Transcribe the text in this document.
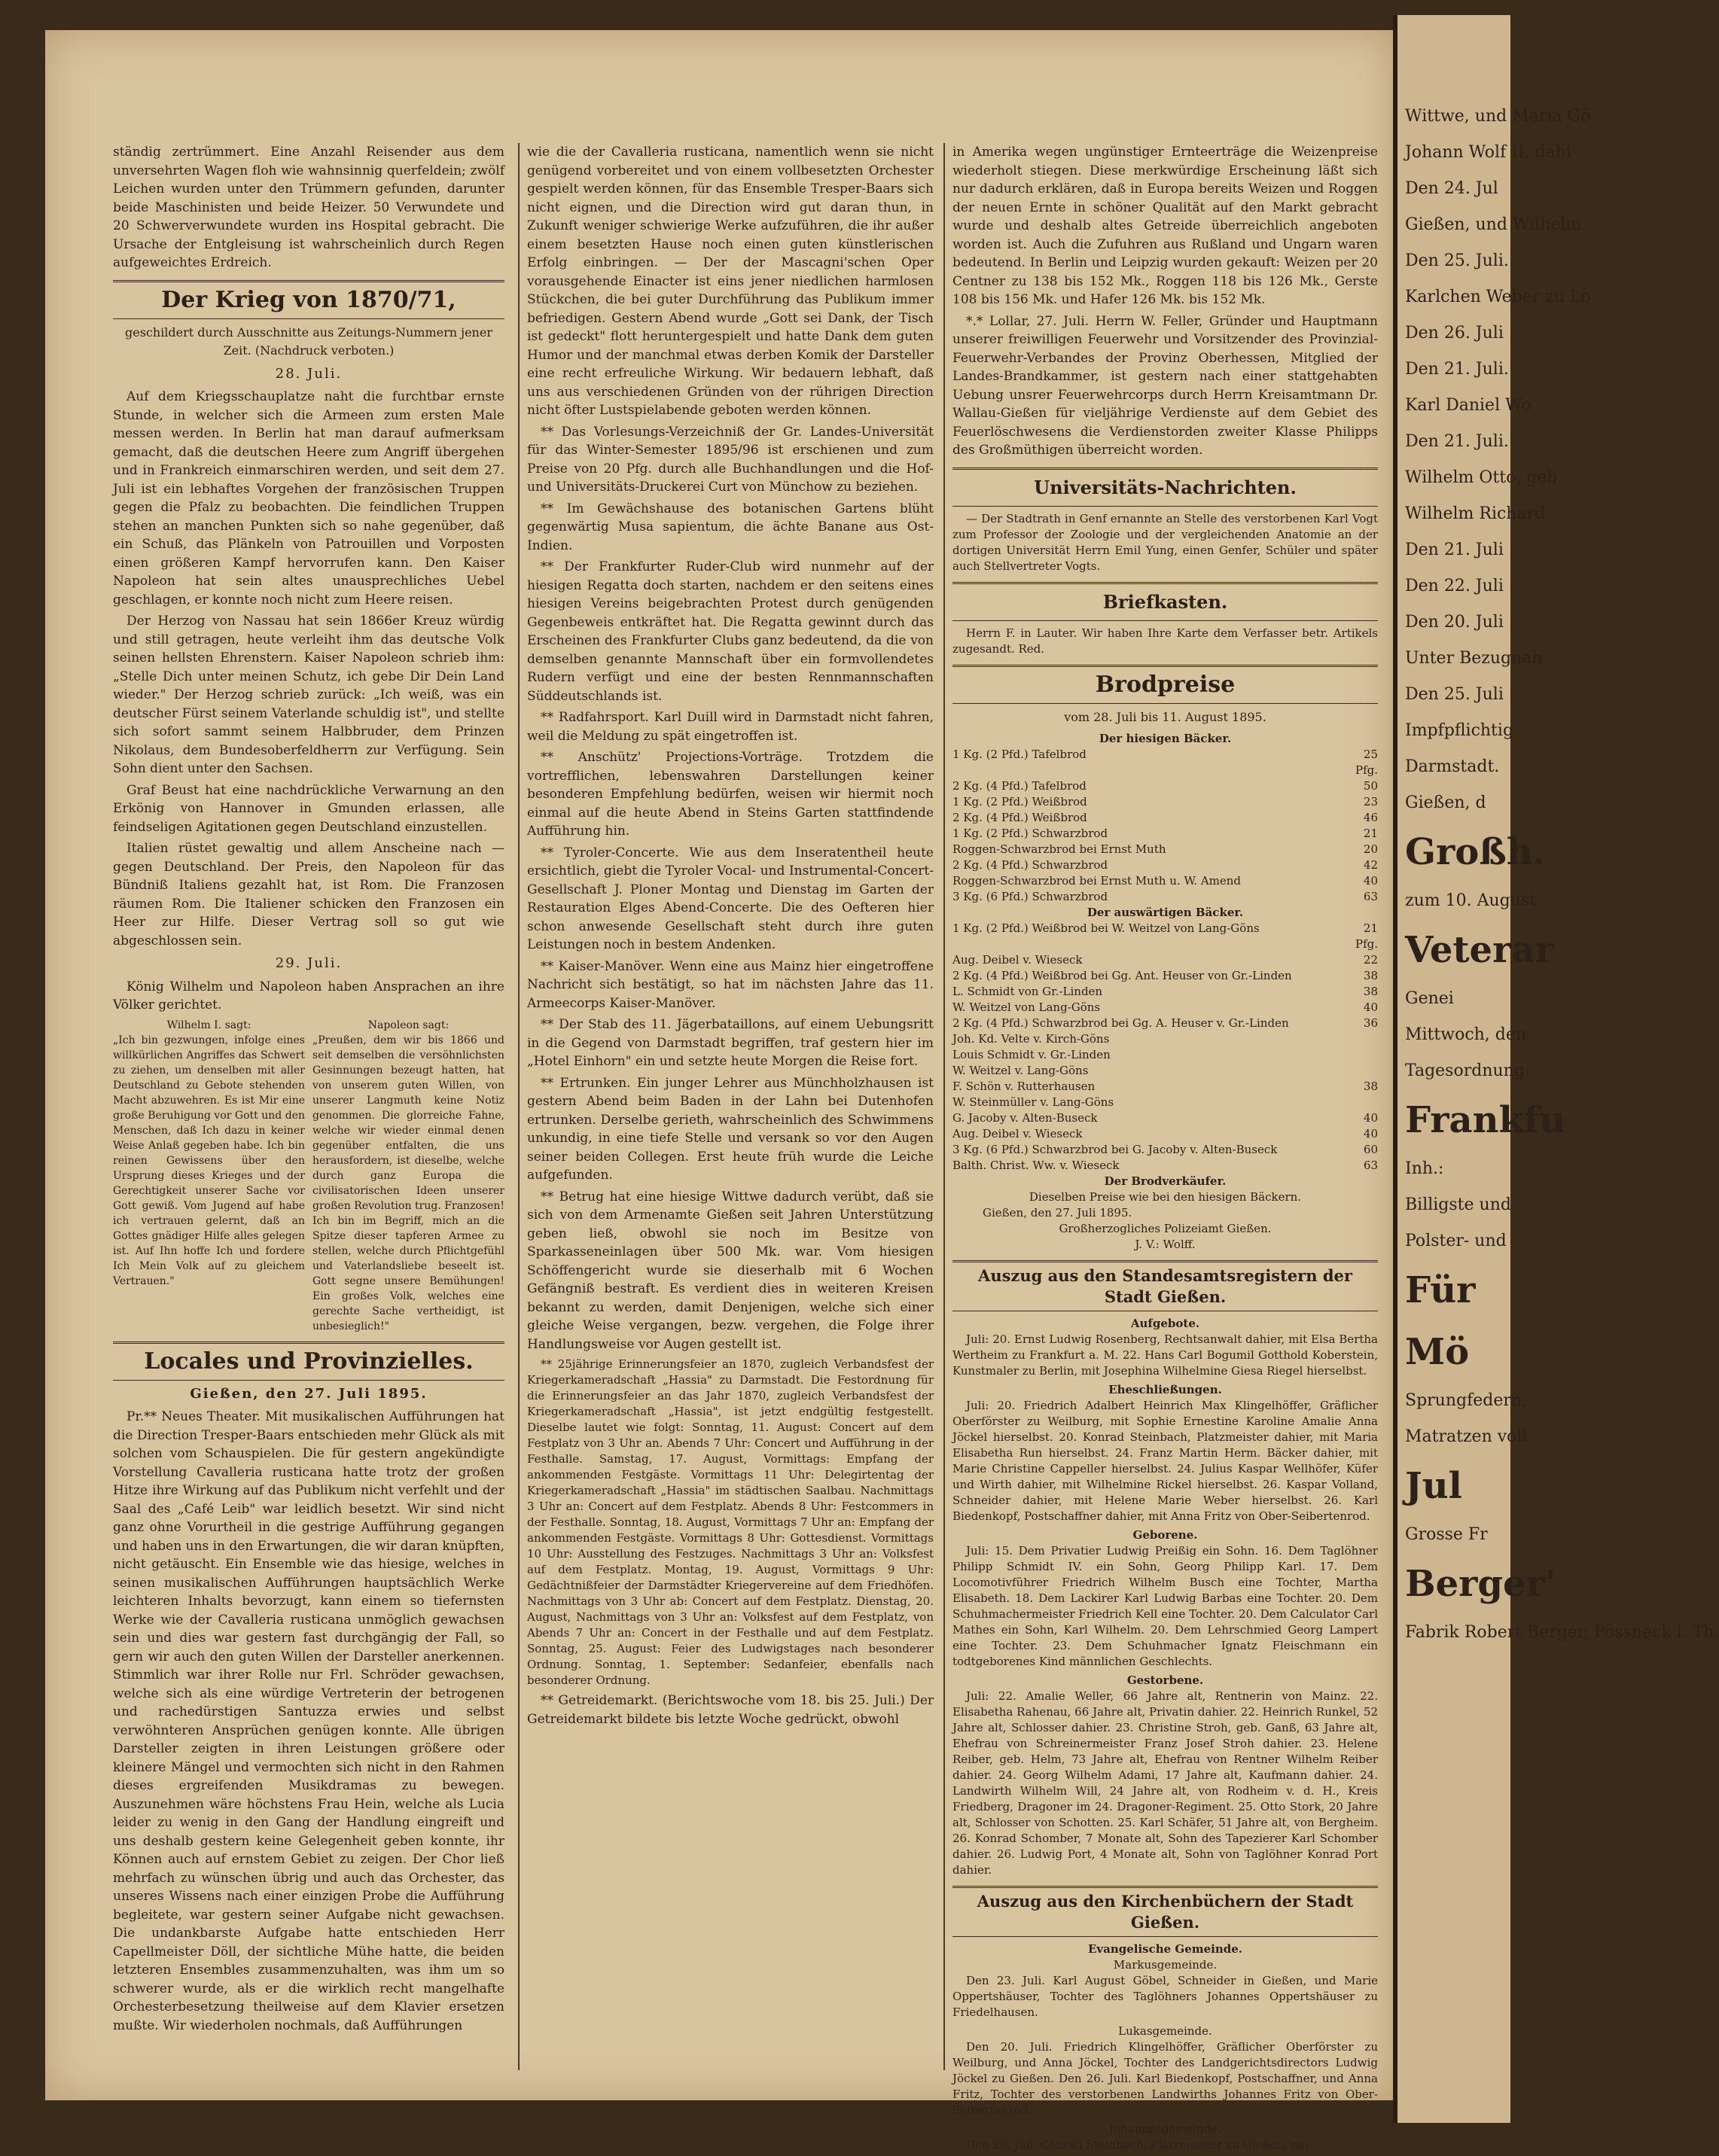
ständig zertrümmert. Eine Anzahl Reisender aus dem unversehrten Wagen floh wie wahnsinnig querfeldein; zwölf Leichen wurden unter den Trümmern gefunden, darunter beide Maschinisten und beide Heizer. 50 Verwundete und 20 Schwerverwundete wurden ins Hospital gebracht. Die Ursache der Entgleisung ist wahrscheinlich durch Regen aufgeweichtes Erdreich.

Der Krieg von 1870/71,
geschildert durch Ausschnitte aus Zeitungs-Nummern jener Zeit. (Nachdruck verboten.)
28. Juli.

Auf dem Kriegsschauplatze naht die furchtbar ernste Stunde, in welcher sich die Armeen zum ersten Male messen werden. In Berlin hat man darauf aufmerksam gemacht, daß die deutschen Heere zum Angriff übergehen und in Frankreich einmarschiren werden, und seit dem 27. Juli ist ein lebhaftes Vorgehen der französischen Truppen gegen die Pfalz zu beobachten. Die feindlichen Truppen stehen an manchen Punkten sich so nahe gegenüber, daß ein Schuß, das Plänkeln von Patrouillen und Vorposten einen größeren Kampf hervorrufen kann. Den Kaiser Napoleon hat sein altes unausprechliches Uebel geschlagen, er konnte noch nicht zum Heere reisen.

Der Herzog von Nassau hat sein 1866er Kreuz würdig und still getragen, heute verleiht ihm das deutsche Volk seinen hellsten Ehrenstern. Kaiser Napoleon schrieb ihm: „Stelle Dich unter meinen Schutz, ich gebe Dir Dein Land wieder." Der Herzog schrieb zurück: „Ich weiß, was ein deutscher Fürst seinem Vaterlande schuldig ist", und stellte sich sofort sammt seinem Halbbruder, dem Prinzen Nikolaus, dem Bundesoberfeldherrn zur Verfügung. Sein Sohn dient unter den Sachsen.

Graf Beust hat eine nachdrückliche Verwarnung an den Erkönig von Hannover in Gmunden erlassen, alle feindseligen Agitationen gegen Deutschland einzustellen.

Italien rüstet gewaltig und allem Anscheine nach — gegen Deutschland. Der Preis, den Napoleon für das Bündniß Italiens gezahlt hat, ist Rom. Die Franzosen räumen Rom. Die Italiener schicken den Franzosen ein Heer zur Hilfe. Dieser Vertrag soll so gut wie abgeschlossen sein.

29. Juli.

König Wilhelm und Napoleon haben Ansprachen an ihre Völker gerichtet.

Wilhelm I. sagt:
„Ich bin gezwungen, infolge eines willkürlichen Angriffes das Schwert zu ziehen, um denselben mit aller Deutschland zu Gebote stehenden Macht abzuwehren. Es ist Mir eine große Beruhigung vor Gott und den Menschen, daß Ich dazu in keiner Weise Anlaß gegeben habe. Ich bin reinen Gewissens über den Ursprung dieses Krieges und der Gerechtigkeit unserer Sache vor Gott gewiß. Vom Jugend auf habe ich vertrauen gelernt, daß an Gottes gnädiger Hilfe alles gelegen ist. Auf Ihn hoffe Ich und fordere Ich Mein Volk auf zu gleichem Vertrauen."
Napoleon sagt:
„Preußen, dem wir bis 1866 und seit demselben die versöhnlichsten Gesinnungen bezeugt hatten, hat von unserem guten Willen, von unserer Langmuth keine Notiz genommen. Die glorreiche Fahne, welche wir wieder einmal denen gegenüber entfalten, die uns herausfordern, ist dieselbe, welche durch ganz Europa die civilisatorischen Ideen unserer großen Revolution trug. Franzosen! Ich bin im Begriff, mich an die Spitze dieser tapferen Armee zu stellen, welche durch Pflichtgefühl und Vaterlandsliebe beseelt ist. Gott segne unsere Bemühungen! Ein großes Volk, welches eine gerechte Sache vertheidigt, ist unbesieglich!"
Locales und Provinzielles.
Gießen, den 27. Juli 1895.

Pr.** Neues Theater. Mit musikalischen Aufführungen hat die Direction Tresper-Baars entschieden mehr Glück als mit solchen vom Schauspielen. Die für gestern angekündigte Vorstellung Cavalleria rusticana hatte trotz der großen Hitze ihre Wirkung auf das Publikum nicht verfehlt und der Saal des „Café Leib" war leidlich besetzt. Wir sind nicht ganz ohne Vorurtheil in die gestrige Aufführung gegangen und haben uns in den Erwartungen, die wir daran knüpften, nicht getäuscht. Ein Ensemble wie das hiesige, welches in seinen musikalischen Aufführungen hauptsächlich Werke leichteren Inhalts bevorzugt, kann einem so tiefernsten Werke wie der Cavalleria rusticana unmöglich gewachsen sein und dies war gestern fast durchgängig der Fall, so gern wir auch den guten Willen der Darsteller anerkennen. Stimmlich war ihrer Rolle nur Frl. Schröder gewachsen, welche sich als eine würdige Vertreterin der betrogenen und rachedürstigen Santuzza erwies und selbst verwöhnteren Ansprüchen genügen konnte. Alle übrigen Darsteller zeigten in ihren Leistungen größere oder kleinere Mängel und vermochten sich nicht in den Rahmen dieses ergreifenden Musikdramas zu bewegen. Auszunehmen wäre höchstens Frau Hein, welche als Lucia leider zu wenig in den Gang der Handlung eingreift und uns deshalb gestern keine Gelegenheit geben konnte, ihr Können auch auf ernstem Gebiet zu zeigen. Der Chor ließ mehrfach zu wünschen übrig und auch das Orchester, das unseres Wissens nach einer einzigen Probe die Aufführung begleitete, war gestern seiner Aufgabe nicht gewachsen. Die undankbarste Aufgabe hatte entschieden Herr Capellmeister Döll, der sichtliche Mühe hatte, die beiden letzteren Ensembles zusammenzuhalten, was ihm um so schwerer wurde, als er die wirklich recht mangelhafte Orchesterbesetzung theilweise auf dem Klavier ersetzen mußte. Wir wiederholen nochmals, daß Aufführungen

wie die der Cavalleria rusticana, namentlich wenn sie nicht genügend vorbereitet und von einem vollbesetzten Orchester gespielt werden können, für das Ensemble Tresper-Baars sich nicht eignen, und die Direction wird gut daran thun, in Zukunft weniger schwierige Werke aufzuführen, die ihr außer einem besetzten Hause noch einen guten künstlerischen Erfolg einbringen. — Der der Mascagni'schen Oper vorausgehende Einacter ist eins jener niedlichen harmlosen Stückchen, die bei guter Durchführung das Publikum immer befriedigen. Gestern Abend wurde „Gott sei Dank, der Tisch ist gedeckt" flott heruntergespielt und hatte Dank dem guten Humor und der manchmal etwas derben Komik der Darsteller eine recht erfreuliche Wirkung. Wir bedauern lebhaft, daß uns aus verschiedenen Gründen von der rührigen Direction nicht öfter Lustspielabende geboten werden können.

** Das Vorlesungs-Verzeichniß der Gr. Landes-Universität für das Winter-Semester 1895/96 ist erschienen und zum Preise von 20 Pfg. durch alle Buchhandlungen und die Hof- und Universitäts-Druckerei Curt von Münchow zu beziehen.

** Im Gewächshause des botanischen Gartens blüht gegenwärtig Musa sapientum, die ächte Banane aus Ost-Indien.

** Der Frankfurter Ruder-Club wird nunmehr auf der hiesigen Regatta doch starten, nachdem er den seitens eines hiesigen Vereins beigebrachten Protest durch genügenden Gegenbeweis entkräftet hat. Die Regatta gewinnt durch das Erscheinen des Frankfurter Clubs ganz bedeutend, da die von demselben genannte Mannschaft über ein formvollendetes Rudern verfügt und eine der besten Rennmannschaften Süddeutschlands ist.

** Radfahrsport. Karl Duill wird in Darmstadt nicht fahren, weil die Meldung zu spät eingetroffen ist.

** Anschütz' Projections-Vorträge. Trotzdem die vortrefflichen, lebenswahren Darstellungen keiner besonderen Empfehlung bedürfen, weisen wir hiermit noch einmal auf die heute Abend in Steins Garten stattfindende Aufführung hin.

** Tyroler-Concerte. Wie aus dem Inseratentheil heute ersichtlich, giebt die Tyroler Vocal- und Instrumental-Concert-Gesellschaft J. Ploner Montag und Dienstag im Garten der Restauration Elges Abend-Concerte. Die des Oefteren hier schon anwesende Gesellschaft steht durch ihre guten Leistungen noch in bestem Andenken.

** Kaiser-Manöver. Wenn eine aus Mainz hier eingetroffene Nachricht sich bestätigt, so hat im nächsten Jahre das 11. Armeecorps Kaiser-Manöver.

** Der Stab des 11. Jägerbataillons, auf einem Uebungsritt in die Gegend von Darmstadt begriffen, traf gestern hier im „Hotel Einhorn" ein und setzte heute Morgen die Reise fort.

** Ertrunken. Ein junger Lehrer aus Münchholzhausen ist gestern Abend beim Baden in der Lahn bei Dutenhofen ertrunken. Derselbe gerieth, wahrscheinlich des Schwimmens unkundig, in eine tiefe Stelle und versank so vor den Augen seiner beiden Collegen. Erst heute früh wurde die Leiche aufgefunden.

** Betrug hat eine hiesige Wittwe dadurch verübt, daß sie sich von dem Armenamte Gießen seit Jahren Unterstützung geben ließ, obwohl sie noch im Besitze von Sparkasseneinlagen über 500 Mk. war. Vom hiesigen Schöffengericht wurde sie dieserhalb mit 6 Wochen Gefängniß bestraft. Es verdient dies in weiteren Kreisen bekannt zu werden, damit Denjenigen, welche sich einer gleiche Weise vergangen, bezw. vergehen, die Folge ihrer Handlungsweise vor Augen gestellt ist.

** 25jährige Erinnerungsfeier an 1870, zugleich Verbandsfest der Kriegerkameradschaft „Hassia" zu Darmstadt. Die Festordnung für die Erinnerungsfeier an das Jahr 1870, zugleich Verbandsfest der Kriegerkameradschaft „Hassia", ist jetzt endgültig festgestellt. Dieselbe lautet wie folgt: Sonntag, 11. August: Concert auf dem Festplatz von 3 Uhr an. Abends 7 Uhr: Concert und Aufführung in der Festhalle. Samstag, 17. August, Vormittags: Empfang der ankommenden Festgäste. Vormittags 11 Uhr: Delegirtentag der Kriegerkameradschaft „Hassia" im städtischen Saalbau. Nachmittags 3 Uhr an: Concert auf dem Festplatz. Abends 8 Uhr: Festcommers in der Festhalle. Sonntag, 18. August, Vormittags 7 Uhr an: Empfang der ankommenden Festgäste. Vormittags 8 Uhr: Gottesdienst. Vormittags 10 Uhr: Ausstellung des Festzuges. Nachmittags 3 Uhr an: Volksfest auf dem Festplatz. Montag, 19. August, Vormittags 9 Uhr: Gedächtnißfeier der Darmstädter Kriegervereine auf dem Friedhöfen. Nachmittags von 3 Uhr ab: Concert auf dem Festplatz. Dienstag, 20. August, Nachmittags von 3 Uhr an: Volksfest auf dem Festplatz, von Abends 7 Uhr an: Concert in der Festhalle und auf dem Festplatz. Sonntag, 25. August: Feier des Ludwigstages nach besonderer Ordnung. Sonntag, 1. September: Sedanfeier, ebenfalls nach besonderer Ordnung.

** Getreidemarkt. (Berichtswoche vom 18. bis 25. Juli.) Der Getreidemarkt bildete bis letzte Woche gedrückt, obwohl

in Amerika wegen ungünstiger Ernteerträge die Weizenpreise wiederholt stiegen. Diese merkwürdige Erscheinung läßt sich nur dadurch erklären, daß in Europa bereits Weizen und Roggen der neuen Ernte in schöner Qualität auf den Markt gebracht wurde und deshalb altes Getreide überreichlich angeboten worden ist. Auch die Zufuhren aus Rußland und Ungarn waren bedeutend. In Berlin und Leipzig wurden gekauft: Weizen per 20 Centner zu 138 bis 152 Mk., Roggen 118 bis 126 Mk., Gerste 108 bis 156 Mk. und Hafer 126 Mk. bis 152 Mk.

*.* Lollar, 27. Juli. Herrn W. Feller, Gründer und Hauptmann unserer freiwilligen Feuerwehr und Vorsitzender des Provinzial-Feuerwehr-Verbandes der Provinz Oberhessen, Mitglied der Landes-Brandkammer, ist gestern nach einer stattgehabten Uebung unsrer Feuerwehrcorps durch Herrn Kreisamtmann Dr. Wallau-Gießen für vieljährige Verdienste auf dem Gebiet des Feuerlöschwesens die Verdienstorden zweiter Klasse Philipps des Großmüthigen überreicht worden.

Universitäts-Nachrichten.

— Der Stadtrath in Genf ernannte an Stelle des verstorbenen Karl Vogt zum Professor der Zoologie und der vergleichenden Anatomie an der dortigen Universität Herrn Emil Yung, einen Genfer, Schüler und später auch Stellvertreter Vogts.

Briefkasten.

Herrn F. in Lauter. Wir haben Ihre Karte dem Verfasser betr. Artikels zugesandt. Red.

Brodpreise
vom 28. Juli bis 11. August 1895.
Der hiesigen Bäcker.
1 Kg. (2 Pfd.) Tafelbrod	25 Pfg.
2 Kg. (4 Pfd.) Tafelbrod	50
1 Kg. (2 Pfd.) Weißbrod	23
2 Kg. (4 Pfd.) Weißbrod	46
1 Kg. (2 Pfd.) Schwarzbrod	21
Roggen-Schwarzbrod bei Ernst Muth	20
2 Kg. (4 Pfd.) Schwarzbrod	42
Roggen-Schwarzbrod bei Ernst Muth u. W. Amend	40
3 Kg. (6 Pfd.) Schwarzbrod	63
Der auswärtigen Bäcker.
1 Kg. (2 Pfd.) Weißbrod bei W. Weitzel von Lang-Göns	21 Pfg.
Aug. Deibel v. Wieseck	22
2 Kg. (4 Pfd.) Weißbrod bei Gg. Ant. Heuser von Gr.-Linden	38
L. Schmidt von Gr.-Linden	38
W. Weitzel von Lang-Göns	40
2 Kg. (4 Pfd.) Schwarzbrod bei Gg. A. Heuser v. Gr.-Linden	36
Joh. Kd. Velte v. Kirch-Göns	
Louis Schmidt v. Gr.-Linden	
W. Weitzel v. Lang-Göns	
F. Schön v. Rutterhausen	38
W. Steinmüller v. Lang-Göns	
G. Jacoby v. Alten-Buseck	40
Aug. Deibel v. Wieseck	40
3 Kg. (6 Pfd.) Schwarzbrod bei G. Jacoby v. Alten-Buseck	60
Balth. Christ. Ww. v. Wieseck	63
Der Brodverkäufer.
Dieselben Preise wie bei den hiesigen Bäckern.
Gießen, den 27. Juli 1895.
Großherzogliches Polizeiamt Gießen.
J. V.: Wolff.
Auszug aus den Standesamtsregistern der Stadt Gießen.
Aufgebote.

Juli: 20. Ernst Ludwig Rosenberg, Rechtsanwalt dahier, mit Elsa Bertha Wertheim zu Frankfurt a. M. 22. Hans Carl Bogumil Gotthold Koberstein, Kunstmaler zu Berlin, mit Josephina Wilhelmine Giesa Riegel hierselbst.

Eheschließungen.

Juli: 20. Friedrich Adalbert Heinrich Max Klingelhöffer, Gräflicher Oberförster zu Weilburg, mit Sophie Ernestine Karoline Amalie Anna Jöckel hierselbst. 20. Konrad Steinbach, Platzmeister dahier, mit Maria Elisabetha Run hierselbst. 24. Franz Martin Herm. Bäcker dahier, mit Marie Christine Cappeller hierselbst. 24. Julius Kaspar Wellhöfer, Küfer und Wirth dahier, mit Wilhelmine Rickel hierselbst. 26. Kaspar Volland, Schneider dahier, mit Helene Marie Weber hierselbst. 26. Karl Biedenkopf, Postschaffner dahier, mit Anna Fritz von Ober-Seibertenrod.

Geborene.

Juli: 15. Dem Privatier Ludwig Preißig ein Sohn. 16. Dem Taglöhner Philipp Schmidt IV. ein Sohn, Georg Philipp Karl. 17. Dem Locomotivführer Friedrich Wilhelm Busch eine Tochter, Martha Elisabeth. 18. Dem Lackirer Karl Ludwig Barbas eine Tochter. 20. Dem Schuhmachermeister Friedrich Kell eine Tochter. 20. Dem Calculator Carl Mathes ein Sohn, Karl Wilhelm. 20. Dem Lehrschmied Georg Lampert eine Tochter. 23. Dem Schuhmacher Ignatz Fleischmann ein todtgeborenes Kind männlichen Geschlechts.

Gestorbene.

Juli: 22. Amalie Weller, 66 Jahre alt, Rentnerin von Mainz. 22. Elisabetha Rahenau, 66 Jahre alt, Privatin dahier. 22. Heinrich Runkel, 52 Jahre alt, Schlosser dahier. 23. Christine Stroh, geb. Ganß, 63 Jahre alt, Ehefrau von Schreinermeister Franz Josef Stroh dahier. 23. Helene Reiber, geb. Helm, 73 Jahre alt, Ehefrau von Rentner Wilhelm Reiber dahier. 24. Georg Wilhelm Adami, 17 Jahre alt, Kaufmann dahier. 24. Landwirth Wilhelm Will, 24 Jahre alt, von Rodheim v. d. H., Kreis Friedberg, Dragoner im 24. Dragoner-Regiment. 25. Otto Stork, 20 Jahre alt, Schlosser von Schotten. 25. Karl Schäfer, 51 Jahre alt, von Bergheim. 26. Konrad Schomber, 7 Monate alt, Sohn des Tapezierer Karl Schomber dahier. 26. Ludwig Port, 4 Monate alt, Sohn von Taglöhner Konrad Port dahier.

Auszug aus den Kirchenbüchern der Stadt Gießen.
Evangelische Gemeinde.
Markusgemeinde.

Den 23. Juli. Karl August Göbel, Schneider in Gießen, und Marie Oppertshäuser, Tochter des Taglöhners Johannes Oppertshäuser zu Friedelhausen.

Lukasgemeinde.

Den 20. Juli. Friedrich Klingelhöffer, Gräflicher Oberförster zu Weilburg, und Anna Jöckel, Tochter des Landgerichtsdirectors Ludwig Jöckel zu Gießen. Den 26. Juli. Karl Biedenkopf, Postschaffner, und Anna Fritz, Tochter des verstorbenen Landwirths Johannes Fritz von Ober-Seibertenrod.

Johannesgemeinde.

Den 20. Juli. Conrad Steinbach, Platzmeister zu Gießen, ein

Wittwe, und Maria Gö
Johann Wolf II. dahi
Den 24. Jul
Gießen, und Wilhelm
Den 25. Juli.
Karlchen Weber zu Lo
Den 26. Juli
Den 21. Juli.
Karl Daniel Wo
Den 21. Juli.
Wilhelm Otto, geb
Wilhelm Richard
Den 21. Juli
Den 22. Juli
Den 20. Juli
Unter Bezugnah
Den 25. Juli
Impfpflichtig
Darmstadt.
Gießen, d
Großh.
zum 10. August
Veterar
Genei
Mittwoch, den
Tagesordnung:
Frankfu
Inh.:
Billigste und
Polster- und
Für
Mö
Sprungfedern,
Matratzen voll
Jul
Grosse Fr
Berger'
Fabrik Robert Berger, Pössneck i. Th.
